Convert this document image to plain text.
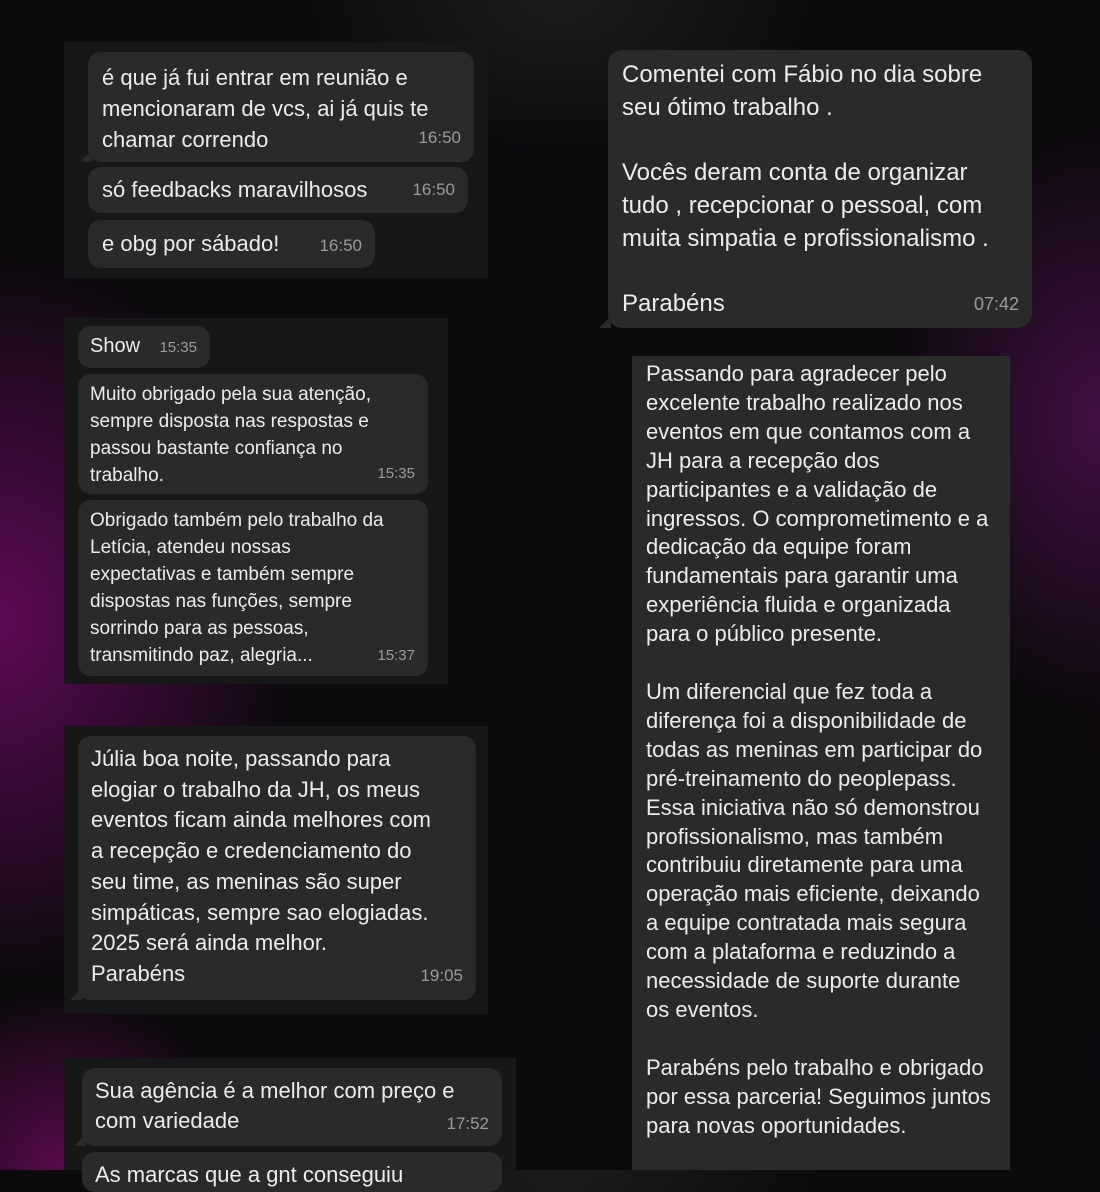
é que já fui entrar em reunião e
mencionaram de vcs, ai já quis te
chamar correndo	16:50
só feedbacks maravilhosos	16:50
e obg por sábado!	16:50
Show	15:35
Muito obrigado pela sua atenção,
sempre disposta nas respostas e
passou bastante confiança no
trabalho.	15:35
Obrigado também pelo trabalho da
Letícia, atendeu nossas
expectativas e também sempre
dispostas nas funções, sempre
sorrindo para as pessoas,
transmitindo paz, alegria...	15:37
Júlia boa noite, passando para
elogiar o trabalho da JH, os meus
eventos ficam ainda melhores com
a recepção e credenciamento do
seu time, as meninas são super
simpáticas, sempre sao elogiadas.
2025 será ainda melhor.
Parabéns	19:05
Sua agência é a melhor com preço e
com variedade	17:52
As marcas que a gnt conseguiu
Comentei com Fábio no dia sobre
seu ótimo trabalho .

Vocês deram conta de organizar
tudo , recepcionar o pessoal, com
muita simpatia e profissionalismo .

Parabéns	07:42
Passando para agradecer pelo
excelente trabalho realizado nos
eventos em que contamos com a
JH para a recepção dos
participantes e a validação de
ingressos. O comprometimento e a
dedicação da equipe foram
fundamentais para garantir uma
experiência fluida e organizada
para o público presente.

Um diferencial que fez toda a
diferença foi a disponibilidade de
todas as meninas em participar do
pré-treinamento do peoplepass.
Essa iniciativa não só demonstrou
profissionalismo, mas também
contribuiu diretamente para uma
operação mais eficiente, deixando
a equipe contratada mais segura
com a plataforma e reduzindo a
necessidade de suporte durante
os eventos.

Parabéns pelo trabalho e obrigado
por essa parceria! Seguimos juntos
para novas oportunidades.
